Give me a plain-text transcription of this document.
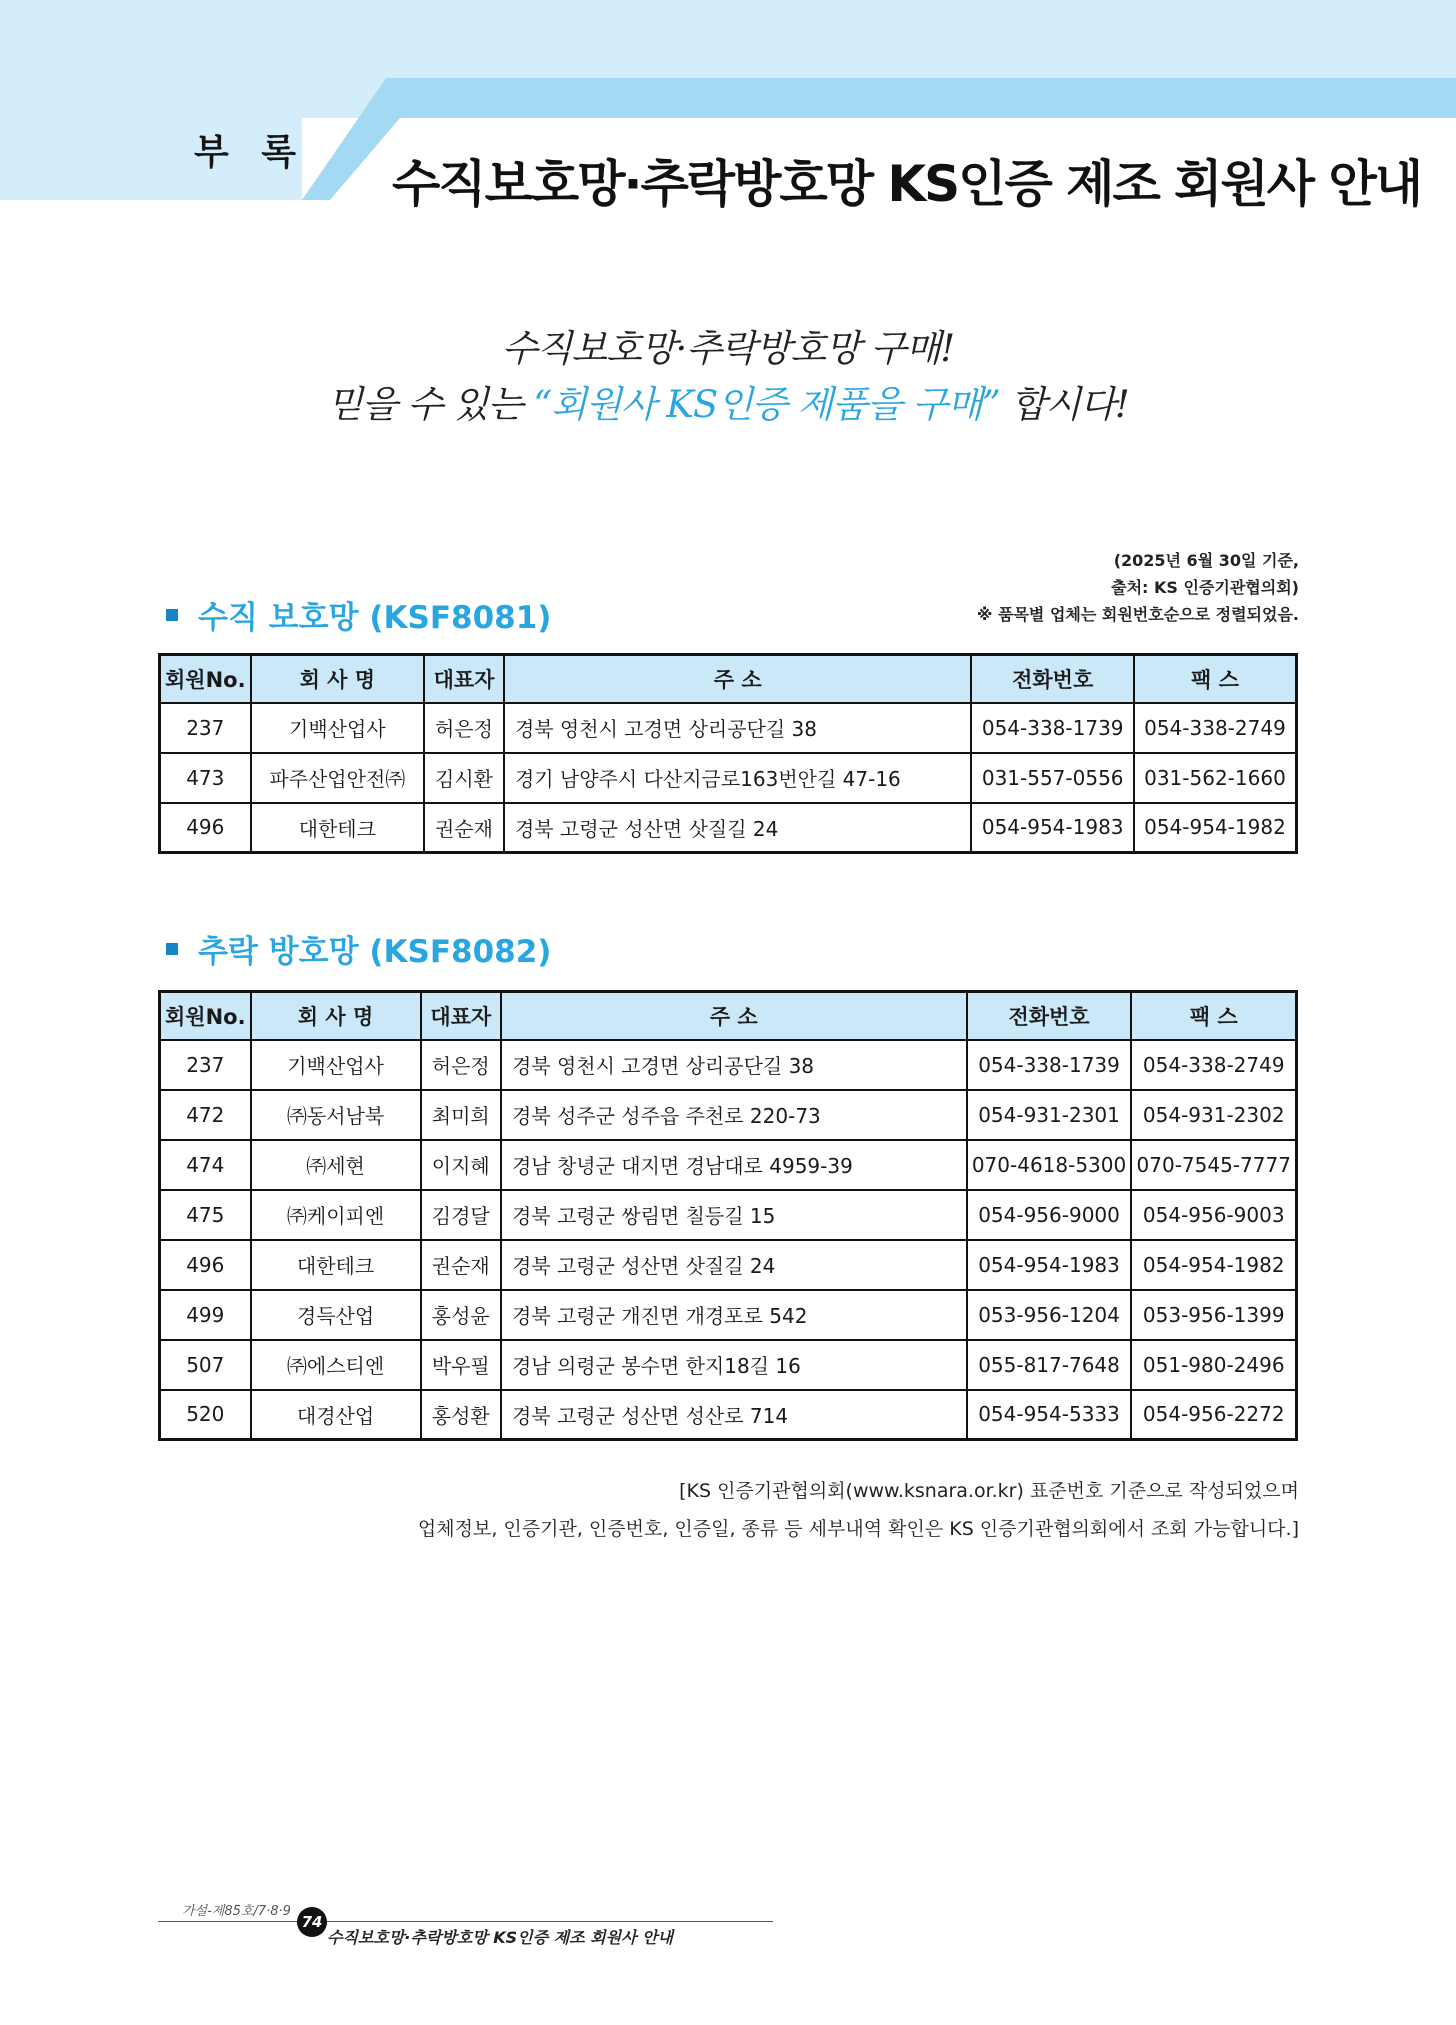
부 록
수직보호망·추락방호망 KS인증 제조 회원사 안내
수직보호망·추락방호망 구매!
믿을 수 있는 “회원사 KS인증 제품을 구매” 합시다!
(2025년 6월 30일 기준,
출처: KS 인증기관협의회)
※ 품목별 업체는 회원번호순으로 정렬되었음.
수직 보호망 (KSF8081)
회원No.	회 사 명	대표자	주 소	전화번호	팩 스
237	기백산업사	허은정	경북 영천시 고경면 상리공단길 38	054-338-1739	054-338-2749
473	파주산업안전㈜	김시환	경기 남양주시 다산지금로163번안길 47-16	031-557-0556	031-562-1660
496	대한테크	권순재	경북 고령군 성산면 삿질길 24	054-954-1983	054-954-1982
추락 방호망 (KSF8082)
회원No.	회 사 명	대표자	주 소	전화번호	팩 스
237	기백산업사	허은정	경북 영천시 고경면 상리공단길 38	054-338-1739	054-338-2749
472	㈜동서남북	최미희	경북 성주군 성주읍 주천로 220-73	054-931-2301	054-931-2302
474	㈜세현	이지혜	경남 창녕군 대지면 경남대로 4959-39	070-4618-5300	070-7545-7777
475	㈜케이피엔	김경달	경북 고령군 쌍림면 칠등길 15	054-956-9000	054-956-9003
496	대한테크	권순재	경북 고령군 성산면 삿질길 24	054-954-1983	054-954-1982
499	경득산업	홍성윤	경북 고령군 개진면 개경포로 542	053-956-1204	053-956-1399
507	㈜에스티엔	박우필	경남 의령군 봉수면 한지18길 16	055-817-7648	051-980-2496
520	대경산업	홍성환	경북 고령군 성산면 성산로 714	054-954-5333	054-956-2272
[KS 인증기관협의회(www.ksnara.or.kr) 표준번호 기준으로 작성되었으며
업체정보, 인증기관, 인증번호, 인증일, 종류 등 세부내역 확인은 KS 인증기관협의회에서 조회 가능합니다.]
가설-제85호/7·8·9
74
수직보호망·추락방호망 KS인증 제조 회원사 안내
